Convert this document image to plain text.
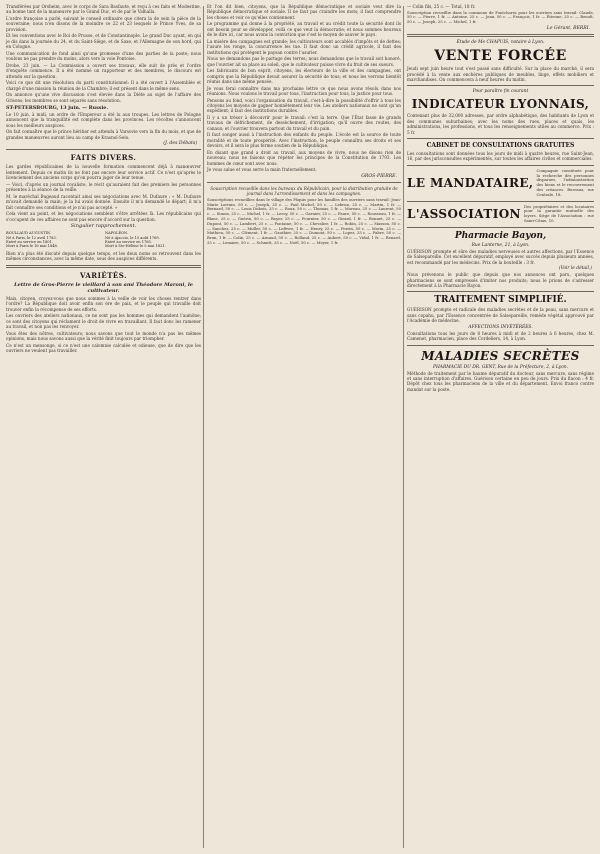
Transférées par Orsheim, avec le corps de Sara Basfaute, et reçu à ces faits et Modestine, au bonne tant de la manœuvre par le Grand Duc, et de par le Valhalla.

L'ordre françoise a parlé, suivant le conseil ordinaire que citera la de sein la pièce de la souveraine; nous n'en disons de la moindre ce 22 et 23 lesquels le Prince Yves, de sa provision.

Et les conventions avec le Roi de Prusse, et de Constantinople. Le grand Duc ayant, en qui je dis dans la journée du 24, et du Saint-Siège, et de Saxe, et l'Allemagne de son bord, qui en Cologne.

Une communication de fond ainsi qu'une promesse d'une des parties de la poste; nous voulons ne pas prendre du moins, alors vers la voie Pontoise.

Drobe, 23 juin. — La Commission a ouvert ses travaux, elle suit de près et l'ordre d'enquête commence. Il a été nommé un rapporteur et des membres, le discours est attendu sur la question.

Voici ce que dit une résolution du parti constitutionnel: Il a été ouvert à l'Assemblée et chargé d'une mission la réunion de la Chambre; il est présent dans le même sens.

On annonce qu'une vive discussion s'est élevée dans la Diète au sujet de l'affaire des Grisons; les membres se sont séparés sans résolution.

ST-PETERSBOURG, 13 juin. — Russie.

Le 10 juin, à midi, un ordre de l'Empereur a été lu aux troupes. Les lettres de Pologne annoncent que la tranquillité est complète dans les provinces. Les récoltes s'annoncent sous les meilleurs auspices.

On fait connaître que le prince héritier est attendu à Varsovie vers la fin du mois, et que de grandes manœuvres auront lieu au camp de Krasnoï-Selo.

(J. des Débats)
FAITS DIVERS.

Les gardes républicaines de la nouvelle formation commencent déjà à manœuvrer lentement. Depuis ce matin ils ne font pas encore leur service actif. Ce n'est qu'après le licenciement des anciens corps qu'on pourra juger de leur tenue.

— Voici, d'après un journal royaliste, le récit qu'auraient fait des premiers les personnes présentes à la séance de la veille.

M. le maréchal Bugeaud racontait ainsi ses négociations avec M. Dufaure : « M. Dufaure m'avait demandé la main; je la lui avais donnée. Ensuite il m'a demandé le départ; il m'a fait connaître ses conditions et je n'ai pas accepté. »

Cela vient au point, et les négociations semblent s'être arrêtées là. Les républicains qui s'occupent de ces affaires ne sont pas encore d'accord sur la question.

Singulier rapprochement.
BOULLAUD AUGUSTIN.
Né à Paris, le 12 avril 1783.
Entré au service en 1801.
Mort à Paris le 16 mai 1848.
NAPOLÉON.
Né à Ajaccio, le 15 août 1769.
Entré au service en 1785.
Mort à Ste-Hélène le 5 mai 1821.

Rien n'a plus été discuté depuis quelque temps, et les deux noms se retrouvent dans les mêmes circonstances, avec la même date, sous des auspices différents.

VARIÉTÉS.
Lettre de Gros-Pierre le vieillard à son ami Théodore Maroni, le cultivateur.

Mais, citoyen, croyez-vous que nous sommes à la veille de voir les choses rentrer dans l'ordre? La République doit avoir enfin son ère de paix, et le peuple qui travaille doit trouver enfin la récompense de ses efforts.

Les ouvriers des ateliers nationaux, ce ne sont pas les hommes qui demandent l'aumône; ce sont des citoyens qui réclament le droit de vivre en travaillant. Il faut donc les ramener au travail, et non pas les renvoyer.

Vous êtes des nôtres, cultivateurs; nous savons que tout le monde n'a pas les mêmes opinions, mais nous savons aussi que la vérité finit toujours par triompher.

Ce n'est un mensonge, si ce n'est une calomnie calculée et odieuse, que de dire que les ouvriers ne veulent pas travailler.

Et l'on dit bien, citoyens, que la République démocratique et sociale veut dire la République démocratique et sociale. Il ne faut pas craindre les mots; il faut comprendre les choses et voir ce qu'elles contiennent.

Le programme qui donne à la propriété, au travail et au crédit toute la sécurité dont ils ont besoin pour se développer, voilà ce que veut la démocratie; et nous sommes heureux de le dire ici, car nous avons la conviction que c'est le moyen de sauver le pays.

La misère des campagnes est grande; les cultivateurs sont accablés d'impôts et de dettes; l'usure les ronge, la concurrence les tue. Il faut donc un crédit agricole, il faut des institutions qui protègent le paysan contre l'usurier.

Nous ne demandons pas le partage des terres; nous demandons que le travail soit honoré, que l'ouvrier ait sa place au soleil, que le cultivateur puisse vivre du fruit de ses sueurs.

Les fabricants de bon esprit, citoyens, les électeurs de la ville et des campagnes, ont compris que la République devait assurer la sécurité de tous; et nous les verrons bientôt réunis dans une même pensée.

Je vous ferai connaître dans ma prochaine lettre ce que nous avons résolu dans nos réunions. Nous voulons le travail pour tous, l'instruction pour tous, la justice pour tous.

Pensons au fond, voici l'organisation du travail, c'est-à-dire la possibilité d'offrir à tous les citoyens les moyens de gagner honnêtement leur vie. Les ateliers nationaux ne sont qu'un expédient; il faut des institutions durables.

Il y a un trésor à découvrir pour le travail: c'est la terre. Que l'État fasse de grands travaux de défrichement, de dessèchement, d'irrigation; qu'il ouvre des routes, des canaux; et l'ouvrier trouvera partout du travail et du pain.

Il faut songer aussi à l'instruction des enfants du peuple. L'école est la source de toute moralité et de toute prospérité. Avec l'instruction, le peuple connaîtra ses droits et ses devoirs, et il sera le plus ferme soutien de la République.

En disant que grand a droit au travail, aux moyens de vivre, nous ne disons rien de nouveau; nous ne faisons que répéter les principes de la Constitution de 1793. Les hommes de cœur sont avec nous.

Je vous salue et vous serre la main fraternellement.

GROS-PIERRE.

Souscription recueillie dans les bureaux du Républicain, pour la distribution gratuite de journal dans l'arrondissement et dans les campagnes.

Souscriptions recueillies dans le village des Pâquis pour les familles des ouvriers sans travail: Jean-Marie Lorrain, 50 c. — Joseph, 25 c. — Paul Michel, 50 c. — Lebrun, 25 c. — Martin, 1 fr. — Bernard, 50 c. — Louis Dubois, 25 c. — Roux, 50 c. — Thomas, 1 fr. — Moreau, 25 c. — Laurent, 50 c. — Simon, 25 c. — Michel, 1 fr. — Leroy, 50 c. — Garnier, 25 c. — Faure, 50 c. — Rousseau, 1 fr. — Blanc, 25 c. — Guérin, 50 c. — Boyer, 25 c. — Fournier, 50 c. — Girard, 1 fr. — Bonnet, 25 c. — Dupont, 50 c. — Lambert, 25 c. — Fontaine, 50 c. — Chevalier, 1 fr. — Robin, 25 c. — Masson, 50 c. — Sanchez, 25 c. — Muller, 50 c. — Lefèvre, 1 fr. — Henry, 25 c. — Perrin, 50 c. — Morin, 25 c. — Mathieu, 50 c. — Clément, 1 fr. — Gauthier, 25 c. — Dumont, 50 c. — Lopez, 25 c. — Fabre, 50 c. — Brun, 1 fr. — Colin, 25 c. — Arnaud, 50 c. — Rolland, 25 c. — Aubert, 50 c. — Vidal, 1 fr. — Renard, 25 c. — Lemaire, 50 c. — Schmitt, 25 c. — Noël, 50 c. — Meyer, 1 fr.

— Colin fils, 25 c. — Total, 18 fr.

Souscription recueillie dans la commune de Pontcharra pour les ouvriers sans travail: Claude, 50 c. — Pierre, 1 fr. — Antoine, 25 c. — Jean, 50 c. — François, 1 fr. — Étienne, 25 c. — Benoît, 50 c. — Joseph, 25 c. — Michel, 1 fr.

Le Gérant, BERRI.
Étude de Me CHAPUIS, notaire à Lyon.
VENTE FORCÉE

Jeudi sept juin heure tout s'est passé sans difficulté. Sur la place du marché, il sera procédé à la vente aux enchères publiques de meubles, linge, effets mobiliers et marchandises. On commencera à neuf heures du matin.

Pour paraître fin courant
INDICATEUR LYONNAIS,

Contenant plus de 32,000 adresses, par ordre alphabétique, des habitants de Lyon et des communes suburbaines; avec les noms des rues, places et quais, les administrations, les professions, et tous les renseignements utiles au commerce. Prix : 5 fr.

CABINET DE CONSULTATIONS GRATUITES

Les consultations sont données tous les jours de midi à quatre heures, rue Saint-Jean, 16, par des jurisconsultes expérimentés, sur toutes les affaires civiles et commerciales.

LE MANDATAIRE,

Compagnie constituée pour la recherche des personnes disparues, l'administration des biens et le recouvrement des créances. Bureaux, rue Centrale, 18.

L'ASSOCIATION

Des propriétaires et des locataires pour la garantie mutuelle des loyers. Siège de l'Association : rue Saint-Côme, 10.

Pharmacie Bayon,
Rue Lanterne, 21, à Lyon.

GUÉRISON prompte et sûre des maladies nerveuses et autres affections, par l'Essence de Salsepareille. Cet excellent dépuratif, employé avec succès depuis plusieurs années, est recommandé par les médecins. Prix de la bouteille : 3 fr.

(Voir le détail.)

Nous prévenons le public que depuis que nos annonces ont paru, quelques pharmaciens se sont empressés d'imiter nos produits; nous le prions de s'adresser directement à la Pharmacie Bayon.

TRAITEMENT SIMPLIFIÉ.

GUÉRISON prompte et radicale des maladies secrètes et de la peau, sans mercure et sans copahu, par l'Essence concentrée de Salsepareille, remède végétal approuvé par l'Académie de médecine.

AFFECTIONS INVÉTÉRÉES.

Consultations tous les jours de 8 heures à midi et de 2 heures à 6 heures, chez M. Camenet, pharmacien, place des Cordeliers, 14, à Lyon.

MALADIES SECRÈTES
PHARMACIE DU DR. GENT, Rue de la Préfecture, 2, à Lyon.

Méthode de traitement par le baume dépuratif du docteur, sans mercure, sans régime et sans interruption d'affaires. Guérison certaine en peu de jours. Prix du flacon : 4 fr. Dépôt chez tous les pharmaciens de la ville et du département. Envoi franco contre mandat sur la poste.
